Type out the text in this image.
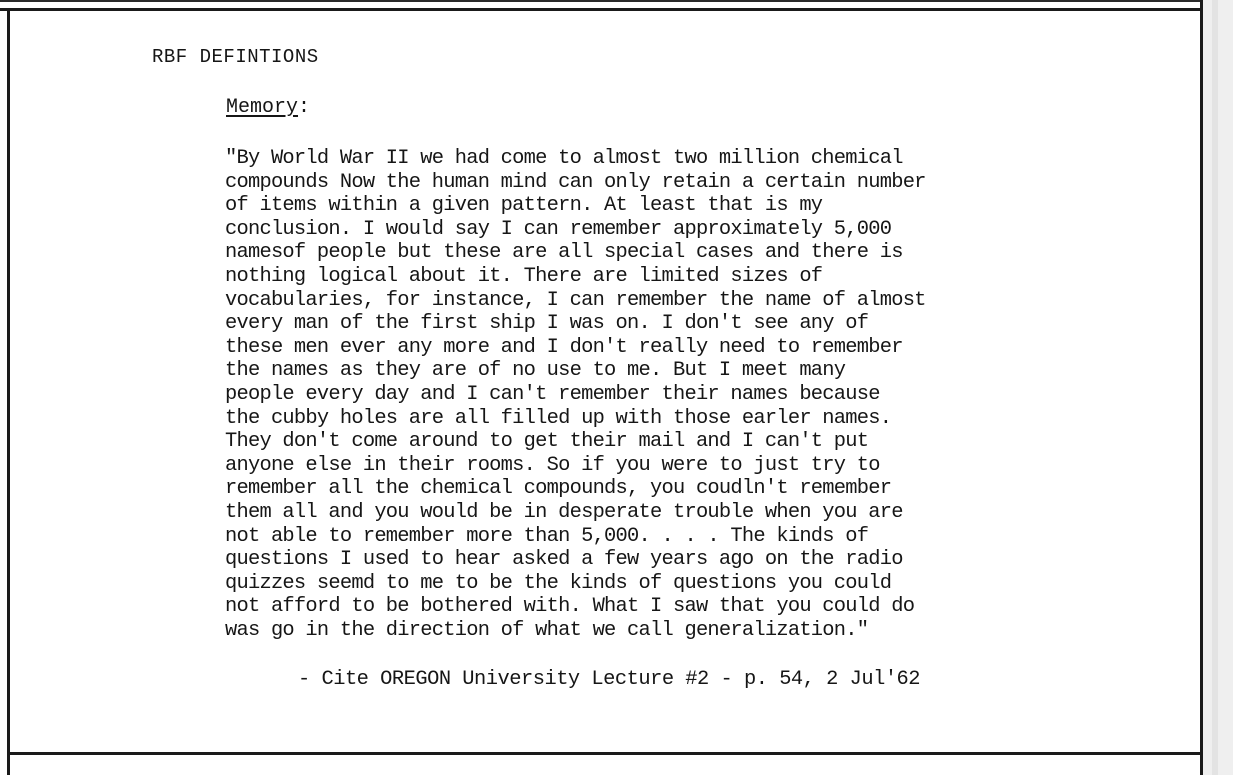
RBF DEFINTIONS
Memory:
"By World War II we had come to almost two million chemical
compounds Now the human mind can only retain a certain number
of items within a given pattern. At least that is my
conclusion. I would say I can remember approximately 5,000
namesof people but these are all special cases and there is
nothing logical about it. There are limited sizes of
vocabularies, for instance, I can remember the name of almost
every man of the first ship I was on. I don't see any of
these men ever any more and I don't really need to remember
the names as they are of no use to me. But I meet many
people every day and I can't remember their names because
the cubby holes are all filled up with those earler names.
They don't come around to get their mail and I can't put
anyone else in their rooms. So if you were to just try to
remember all the chemical compounds, you coudln't remember
them all and you would be in desperate trouble when you are
not able to remember more than 5,000. . . . The kinds of
questions I used to hear asked a few years ago on the radio
quizzes seemd to me to be the kinds of questions you could
not afford to be bothered with. What I saw that you could do
was go in the direction of what we call generalization."
- Cite OREGON University Lecture #2 - p. 54, 2 Jul'62
